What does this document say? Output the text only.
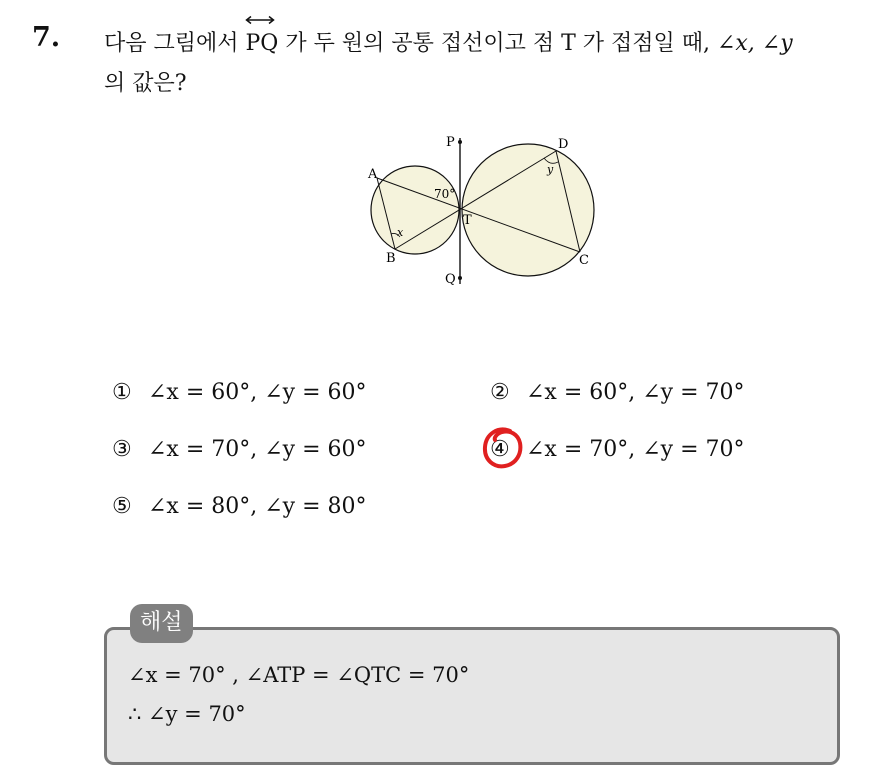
7. 다음 그림에서
PQ 가 두 원의 공통 접선이고 점 T 가 접점일 때, ∠x, ∠y
의 값은?
P
Q
A
B	C
D
T
70°
x
y
① ∠x = 60°, ∠y = 60°	② ∠x = 60°, ∠y = 70°
③ ∠x = 70°, ∠y = 60°	④ ∠x = 70°, ∠y = 70°
⑤ ∠x = 80°, ∠y = 80°
해설
∠x = 70° , ∠ATP = ∠QTC = 70°
∴ ∠y = 70°
